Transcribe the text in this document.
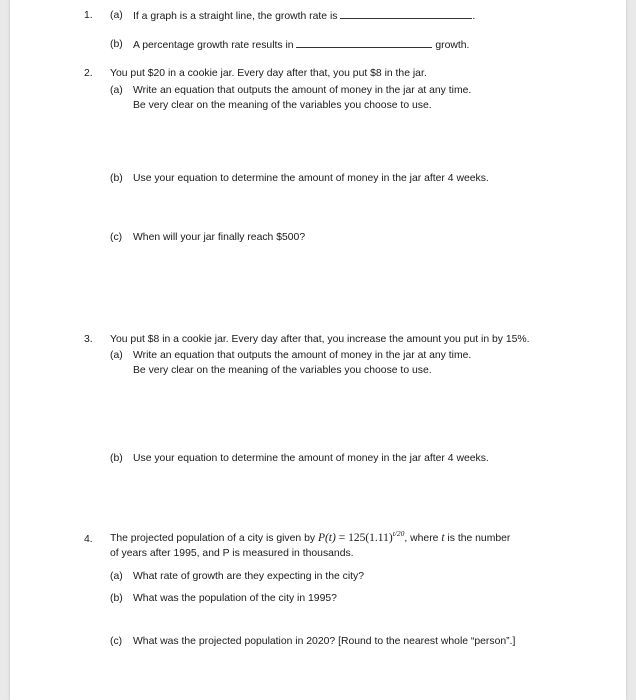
1. (a) If a graph is a straight line, the growth rate is	.
(b) A percentage growth rate results in	growth.
2. You put $20 in a cookie jar. Every day after that, you put $8 in the jar.
(a) Write an equation that outputs the amount of money in the jar at any time.
Be very clear on the meaning of the variables you choose to use.
(b) Use your equation to determine the amount of money in the jar after 4 weeks.
(c) When will your jar finally reach $500?
3. You put $8 in a cookie jar. Every day after that, you increase the amount you put in by 15%.
(a) Write an equation that outputs the amount of money in the jar at any time.
Be very clear on the meaning of the variables you choose to use.
(b) Use your equation to determine the amount of money in the jar after 4 weeks.
4. The projected population of a city is given by $P(t) = 125(1.11)^{t/20}$, where t is the number
of years after 1995, and P is measured in thousands.
(a) What rate of growth are they expecting in the city?
(b) What was the population of the city in 1995?
(c) What was the projected population in 2020? [Round to the nearest whole “person”.]
